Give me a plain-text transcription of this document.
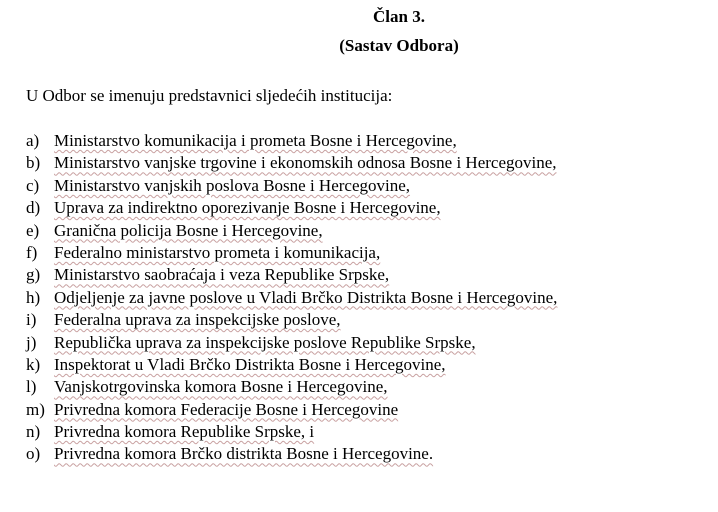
Član 3.
(Sastav Odbora)
U Odbor se imenuju predstavnici sljedećih institucija:
a) Ministarstvo komunikacija i prometa Bosne i Hercegovine,
b) Ministarstvo vanjske trgovine i ekonomskih odnosa Bosne i Hercegovine,
c) Ministarstvo vanjskih poslova Bosne i Hercegovine,
d) Uprava za indirektno oporezivanje Bosne i Hercegovine,
e) Granična policija Bosne i Hercegovine,
f) Federalno ministarstvo prometa i komunikacija,
g) Ministarstvo saobraćaja i veza Republike Srpske,
h) Odjeljenje za javne poslove u Vladi Brčko Distrikta Bosne i Hercegovine,
i) Federalna uprava za inspekcijske poslove,
j) Republička uprava za inspekcijske poslove Republike Srpske,
k) Inspektorat u Vladi Brčko Distrikta Bosne i Hercegovine,
l) Vanjskotrgovinska komora Bosne i Hercegovine,
m) Privredna komora Federacije Bosne i Hercegovine
n) Privredna komora Republike Srpske, i
o) Privredna komora Brčko distrikta Bosne i Hercegovine.
